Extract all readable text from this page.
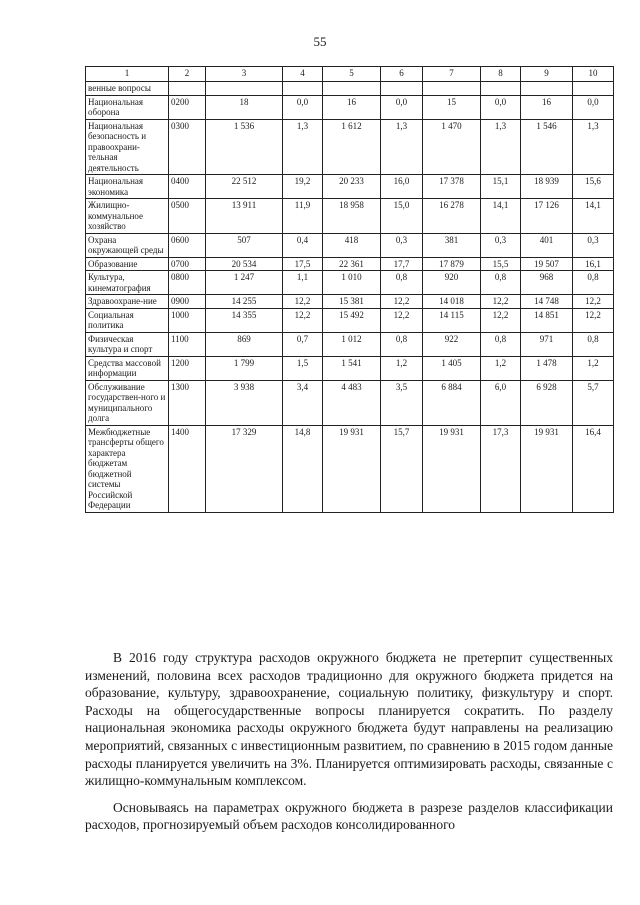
55
1	2	3	4	5	6	7	8	9	10
венные вопросы									
Национальная оборона	0200	18	0,0	16	0,0	15	0,0	16	0,0
Национальная безопасность и правоохрани-тельная деятельность	0300	1 536	1,3	1 612	1,3	1 470	1,3	1 546	1,3
Национальная экономика	0400	22 512	19,2	20 233	16,0	17 378	15,1	18 939	15,6
Жилищно-коммунальное хозяйство	0500	13 911	11,9	18 958	15,0	16 278	14,1	17 126	14,1
Охрана окружающей среды	0600	507	0,4	418	0,3	381	0,3	401	0,3
Образование	0700	20 534	17,5	22 361	17,7	17 879	15,5	19 507	16,1
Культура, кинематография	0800	1 247	1,1	1 010	0,8	920	0,8	968	0,8
Здравоохране-ние	0900	14 255	12,2	15 381	12,2	14 018	12,2	14 748	12,2
Социальная политика	1000	14 355	12,2	15 492	12,2	14 115	12,2	14 851	12,2
Физическая культура и спорт	1100	869	0,7	1 012	0,8	922	0,8	971	0,8
Средства массовой информации	1200	1 799	1,5	1 541	1,2	1 405	1,2	1 478	1,2
Обслуживание государствен-ного и муниципального долга	1300	3 938	3,4	4 483	3,5	6 884	6,0	6 928	5,7
Межбюджетные трансферты общего характера бюджетам бюджетной системы Российской Федерации	1400	17 329	14,8	19 931	15,7	19 931	17,3	19 931	16,4

В 2016 году структура расходов окружного бюджета не претерпит существенных изменений, половина всех расходов традиционно для окружного бюджета придется на образование, культуру, здравоохранение, социальную политику, физкультуру и спорт. Расходы на общегосударственные вопросы планируется сократить. По разделу национальная экономика расходы окружного бюджета будут направлены на реализацию мероприятий, связанных с инвестиционным развитием, по сравнению в 2015 годом данные расходы планируется увеличить на 3%. Планируется оптимизировать расходы, связанные с жилищно-коммунальным комплексом.

Основываясь на параметрах окружного бюджета в разрезе разделов классификации расходов, прогнозируемый объем расходов консолидированного
